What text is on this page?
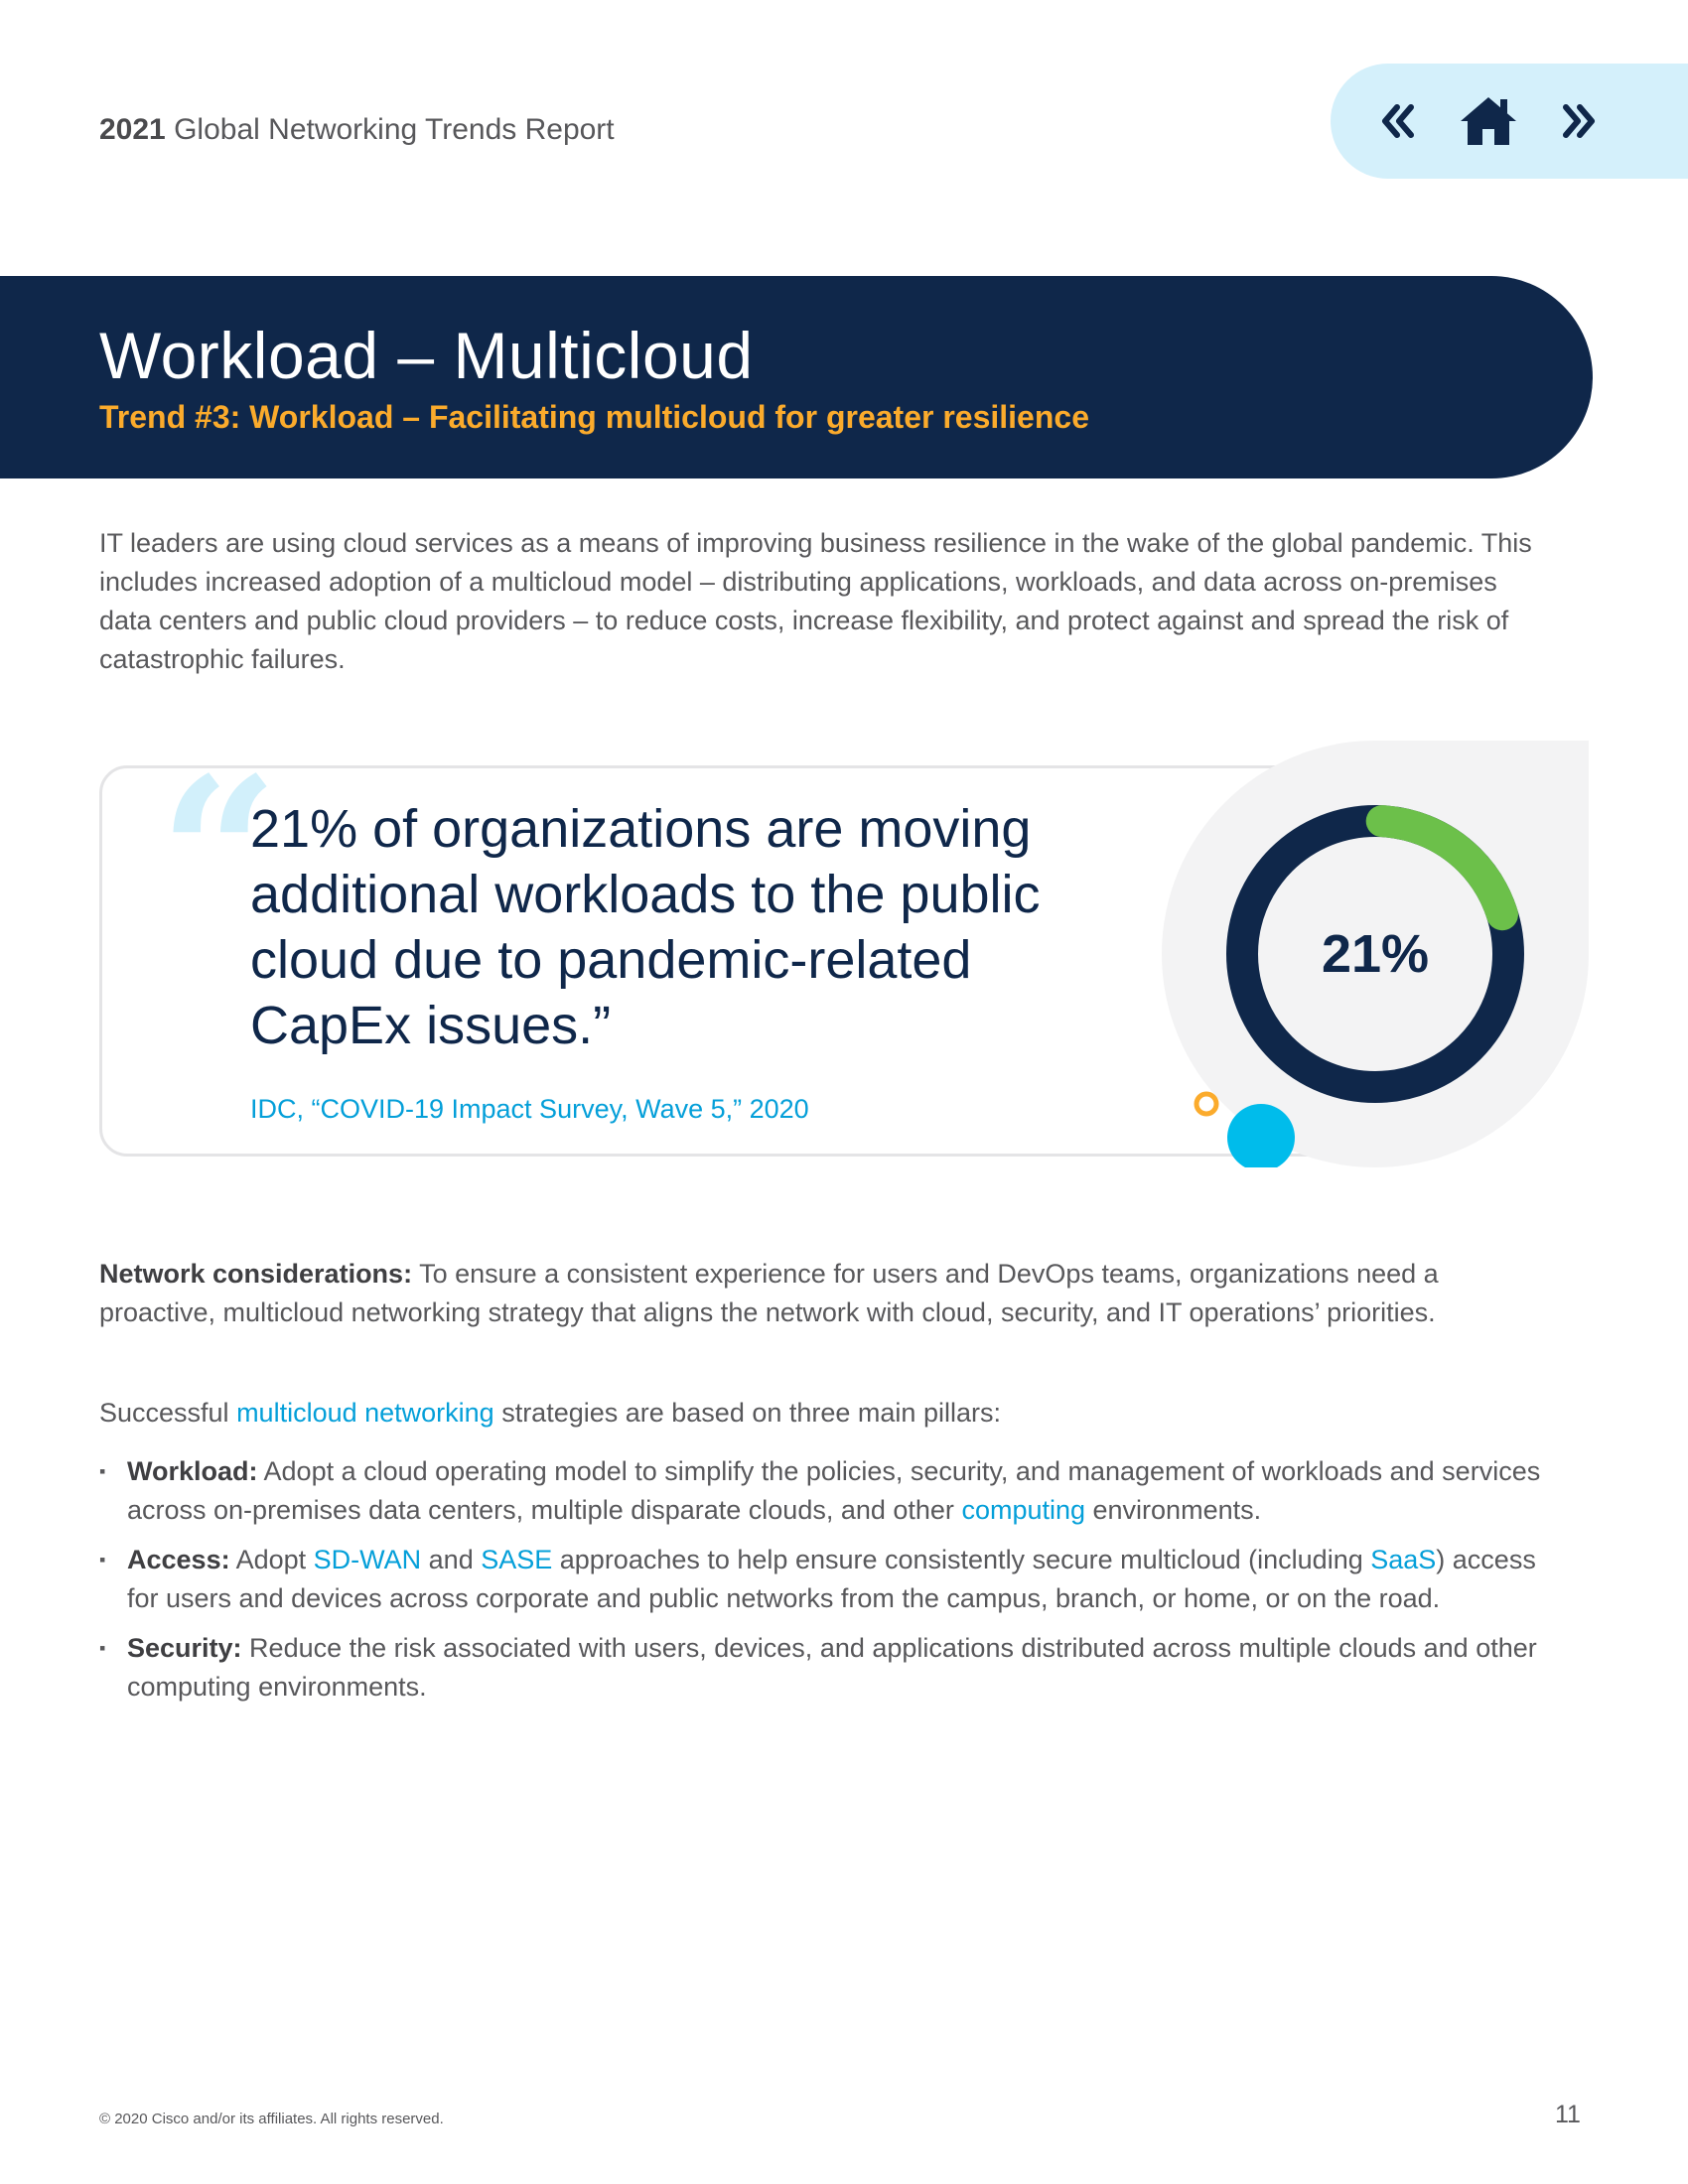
2021 Global Networking Trends Report
Workload – Multicloud
Trend #3: Workload – Facilitating multicloud for greater resilience

IT leaders are using cloud services as a means of improving business resilience in the wake of the global pandemic. This includes increased adoption of a multicloud model – distributing applications, workloads, and data across on-premises data centers and public cloud providers – to reduce costs, increase flexibility, and protect against and spread the risk of catastrophic failures.

“

21% of organizations are moving additional workloads to the public cloud due to pandemic-related CapEx issues.”

IDC, “COVID-19 Impact Survey, Wave 5,” 2020
21%

Network considerations: To ensure a consistent experience for users and DevOps teams, organizations need a proactive, multicloud networking strategy that aligns the network with cloud, security, and IT operations’ priorities.

Successful multicloud networking strategies are based on three main pillars:

▪ Workload: Adopt a cloud operating model to simplify the policies, security, and management of workloads and services across on-premises data centers, multiple disparate clouds, and other computing environments.
▪ Access: Adopt SD-WAN and SASE approaches to help ensure consistently secure multicloud (including SaaS) access for users and devices across corporate and public networks from the campus, branch, or home, or on the road.
▪ Security: Reduce the risk associated with users, devices, and applications distributed across multiple clouds and other computing environments.
© 2020 Cisco and/or its affiliates. All rights reserved.	11
